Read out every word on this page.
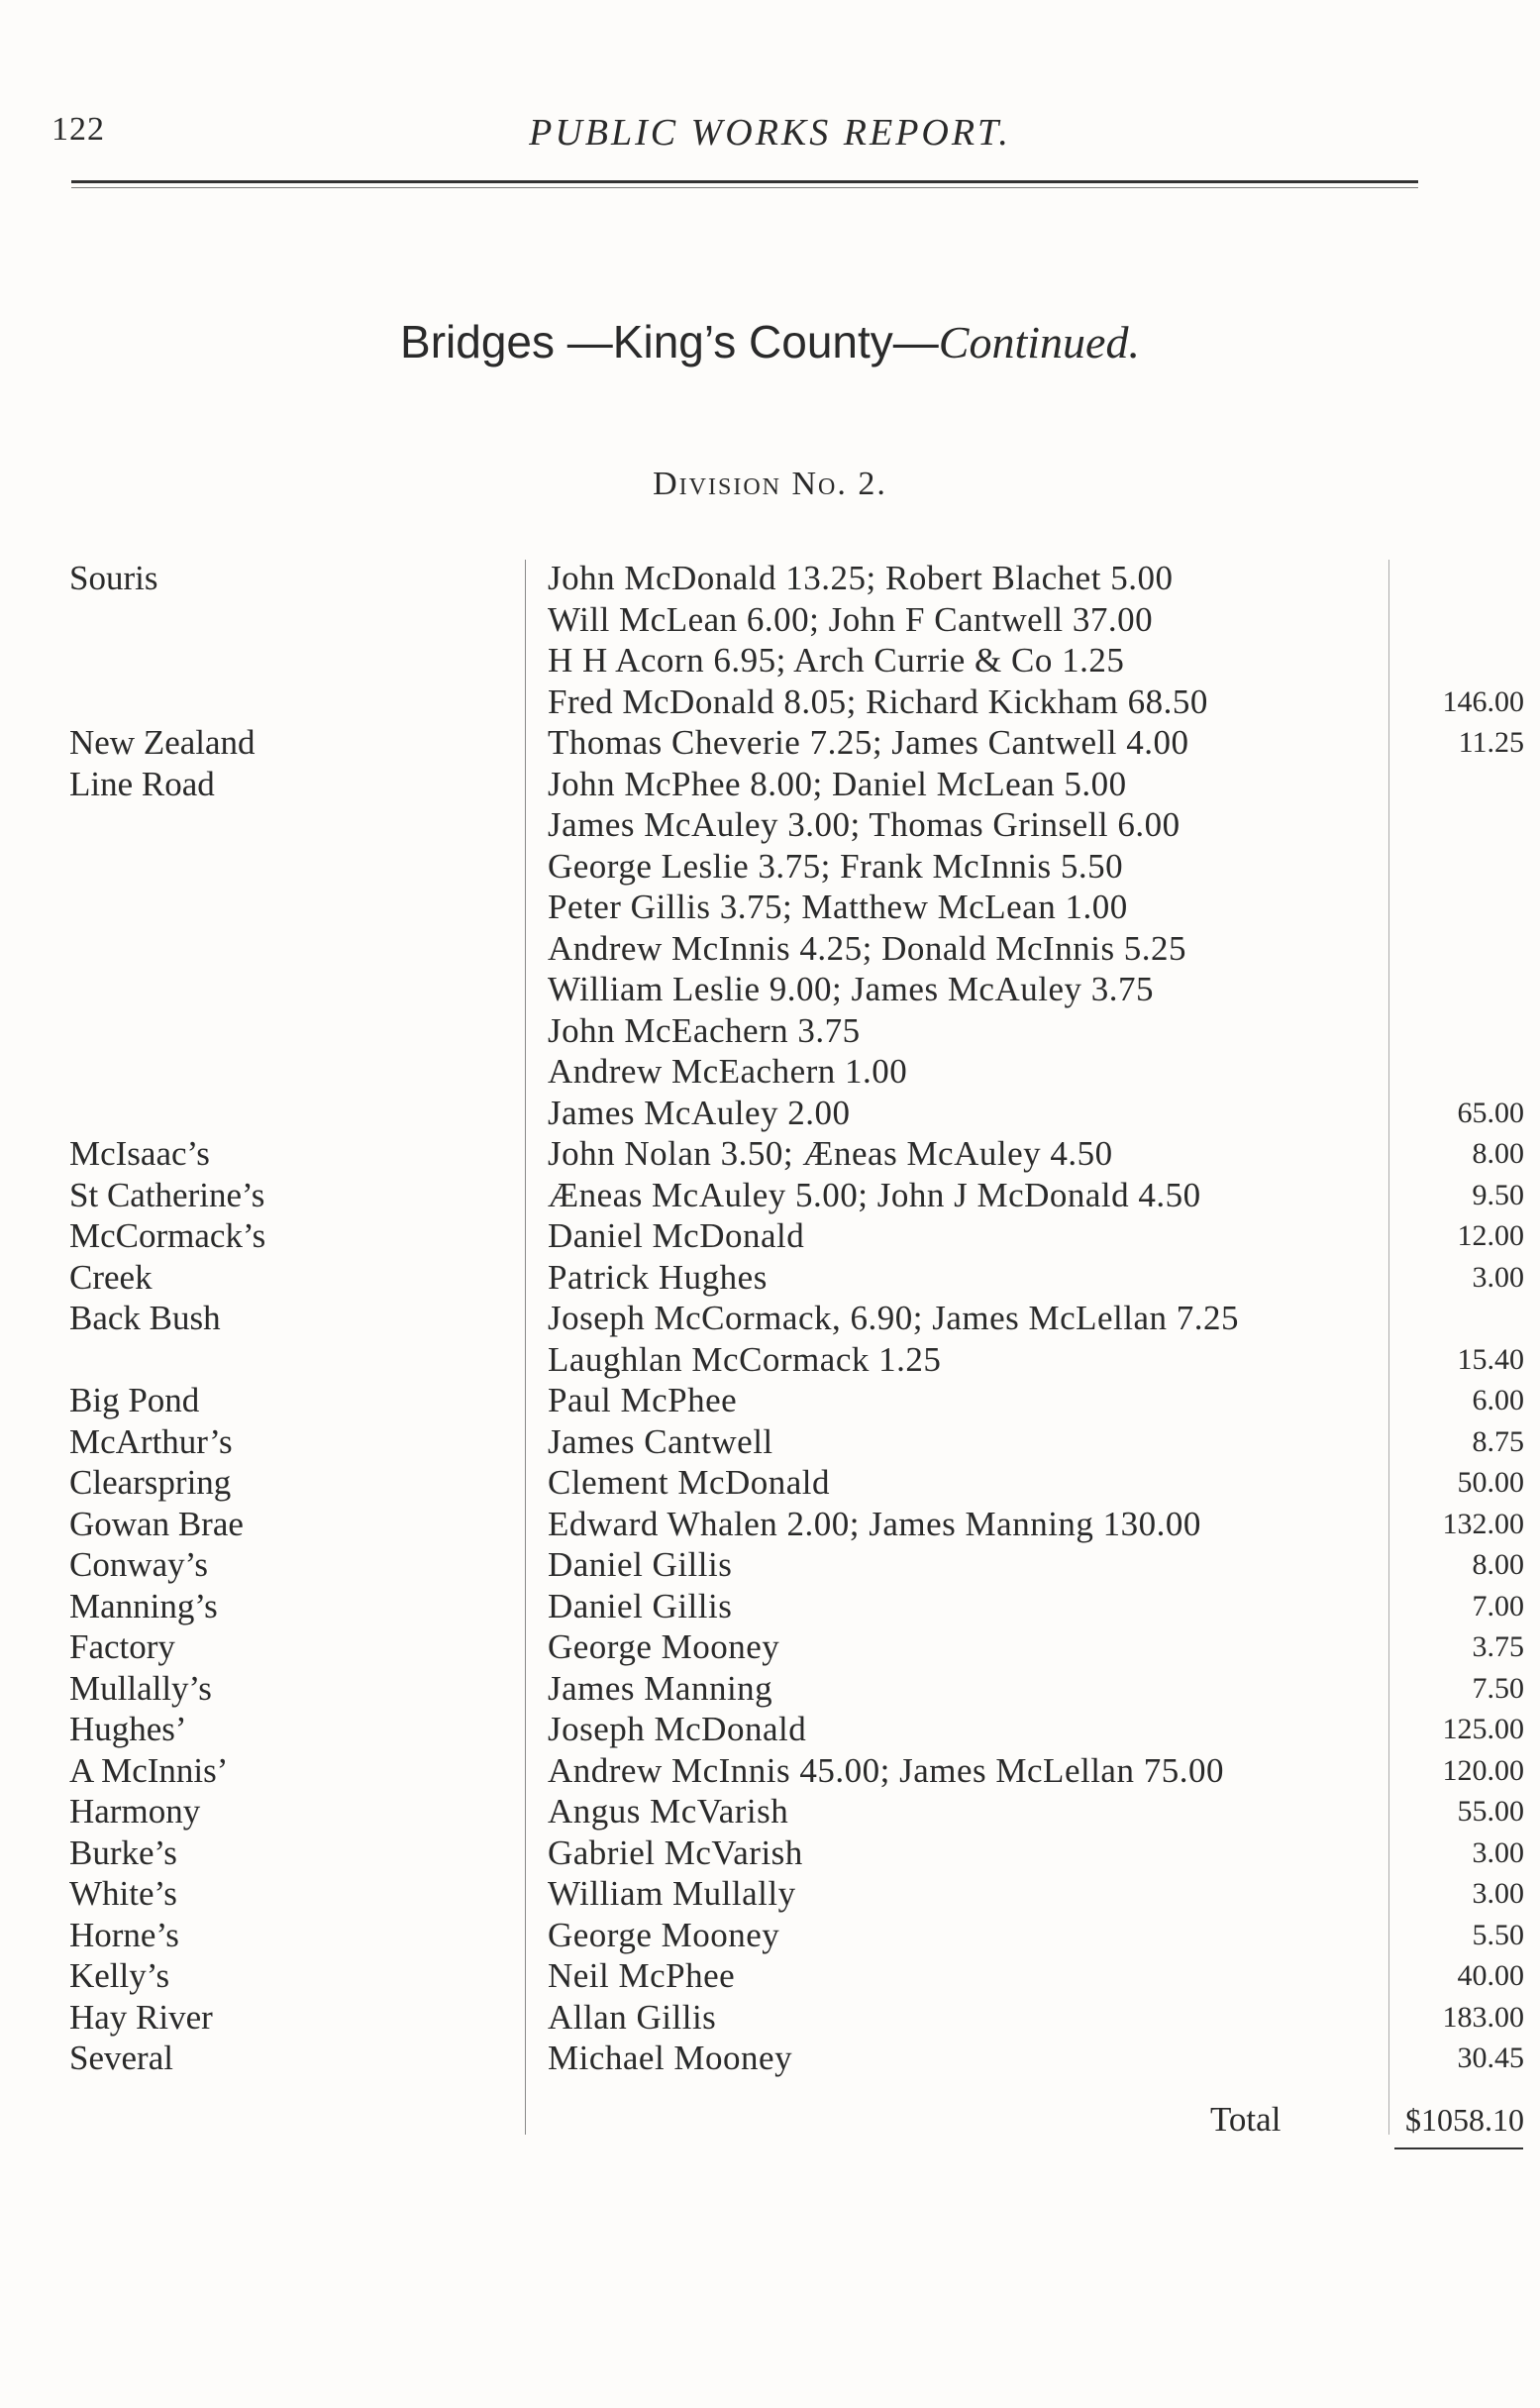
122	PUBLIC WORKS REPORT.
Bridges —King’s County—Continued.
Division No. 2.
Souris	John McDonald 13.25; Robert Blachet 5.00
Will McLean 6.00; John F Cantwell 37.00
H H Acorn 6.95; Arch Currie & Co 1.25
Fred McDonald 8.05; Richard Kickham 68.50	146.00
New Zealand	Thomas Cheverie 7.25; James Cantwell 4.00	11.25
Line Road	John McPhee 8.00; Daniel McLean 5.00
James McAuley 3.00; Thomas Grinsell 6.00
George Leslie 3.75; Frank McInnis 5.50
Peter Gillis 3.75; Matthew McLean 1.00
Andrew McInnis 4.25; Donald McInnis 5.25
William Leslie 9.00; James McAuley 3.75
John McEachern 3.75
Andrew McEachern 1.00
James McAuley 2.00	65.00
McIsaac’s	John Nolan 3.50; Æneas McAuley 4.50	8.00
St Catherine’s	Æneas McAuley 5.00; John J McDonald 4.50	9.50
McCormack’s	Daniel McDonald	12.00
Creek	Patrick Hughes	3.00
Back Bush	Joseph McCormack, 6.90; James McLellan 7.25
Laughlan McCormack 1.25	15.40
Big Pond	Paul McPhee	6.00
McArthur’s	James Cantwell	8.75
Clearspring	Clement McDonald	50.00
Gowan Brae	Edward Whalen 2.00; James Manning 130.00	132.00
Conway’s	Daniel Gillis	8.00
Manning’s	Daniel Gillis	7.00
Factory	George Mooney	3.75
Mullally’s	James Manning	7.50
Hughes’	Joseph McDonald	125.00
A McInnis’	Andrew McInnis 45.00; James McLellan 75.00	120.00
Harmony	Angus McVarish	55.00
Burke’s	Gabriel McVarish	3.00
White’s	William Mullally	3.00
Horne’s	George Mooney	5.50
Kelly’s	Neil McPhee	40.00
Hay River	Allan Gillis	183.00
Several	Michael Mooney	30.45
Total	$1058.10
